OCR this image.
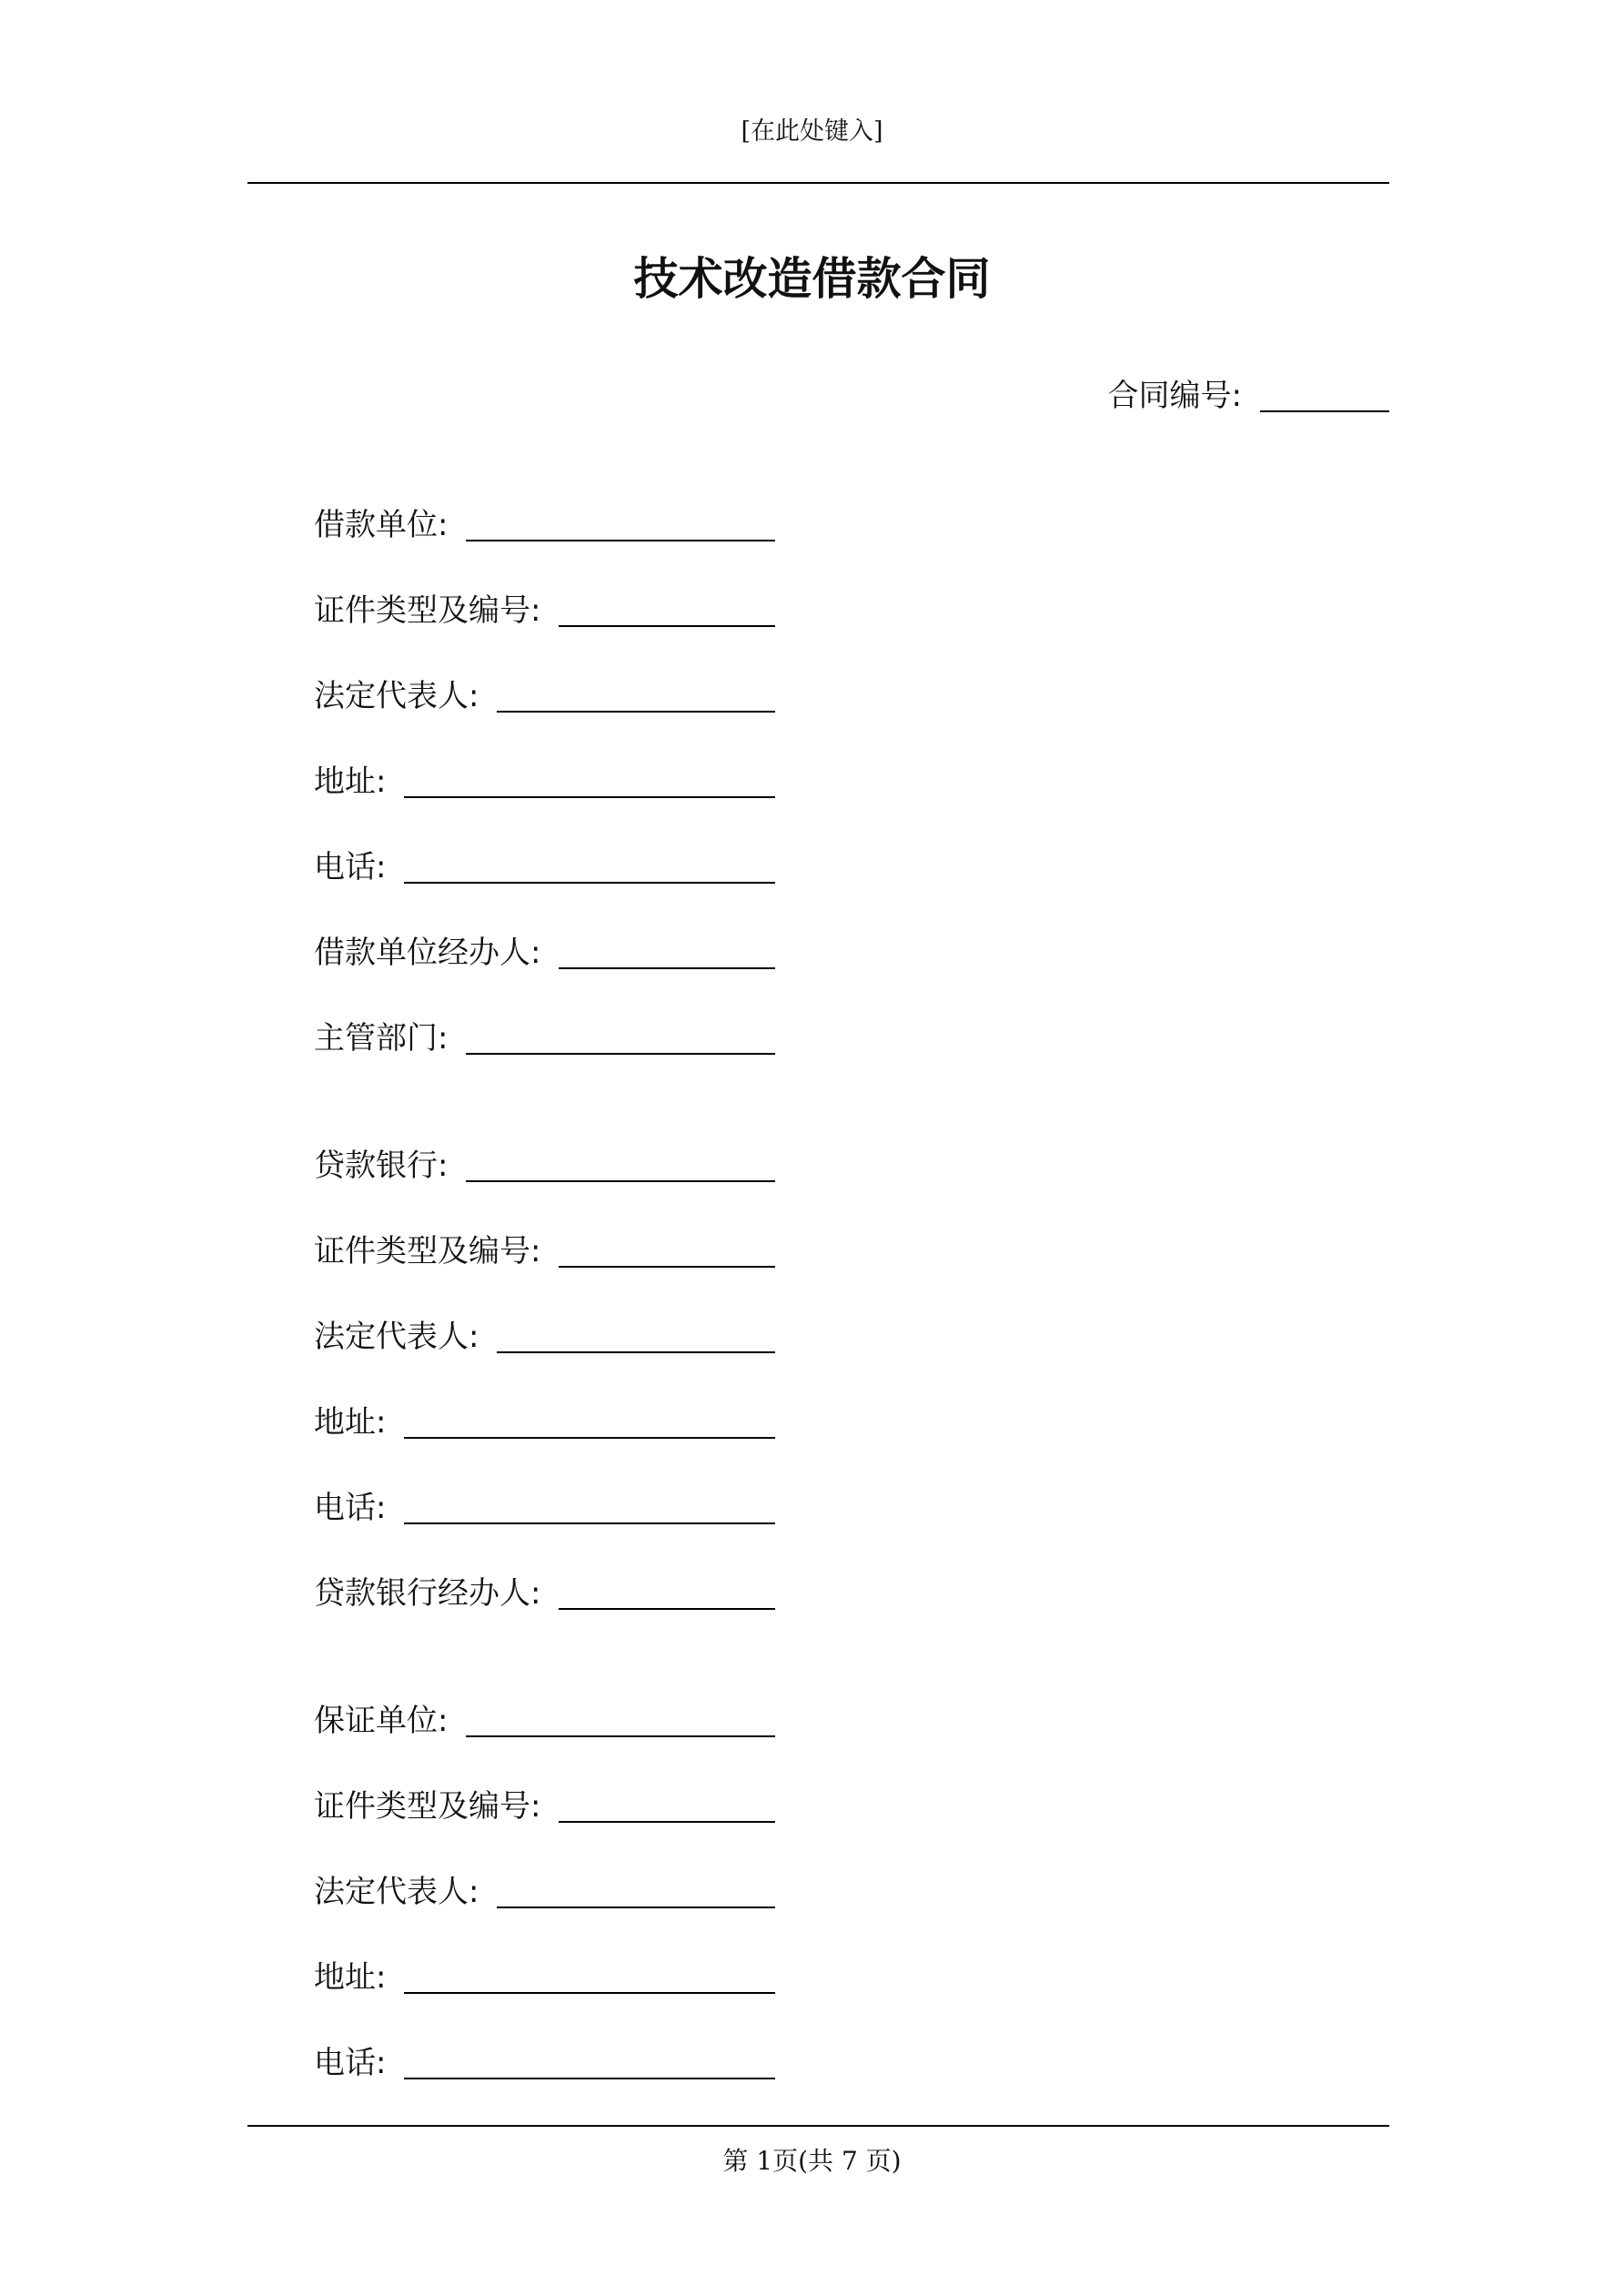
[在此处键入]
技术改造借款合同
合同编号:
借款单位:
证件类型及编号:
法定代表人:
地址:
电话:
借款单位经办人:
主管部门:
贷款银行:
证件类型及编号:
法定代表人:
地址:
电话:
贷款银行经办人:
保证单位:
证件类型及编号:
法定代表人:
地址:
电话:
第 1页(共 7 页)
